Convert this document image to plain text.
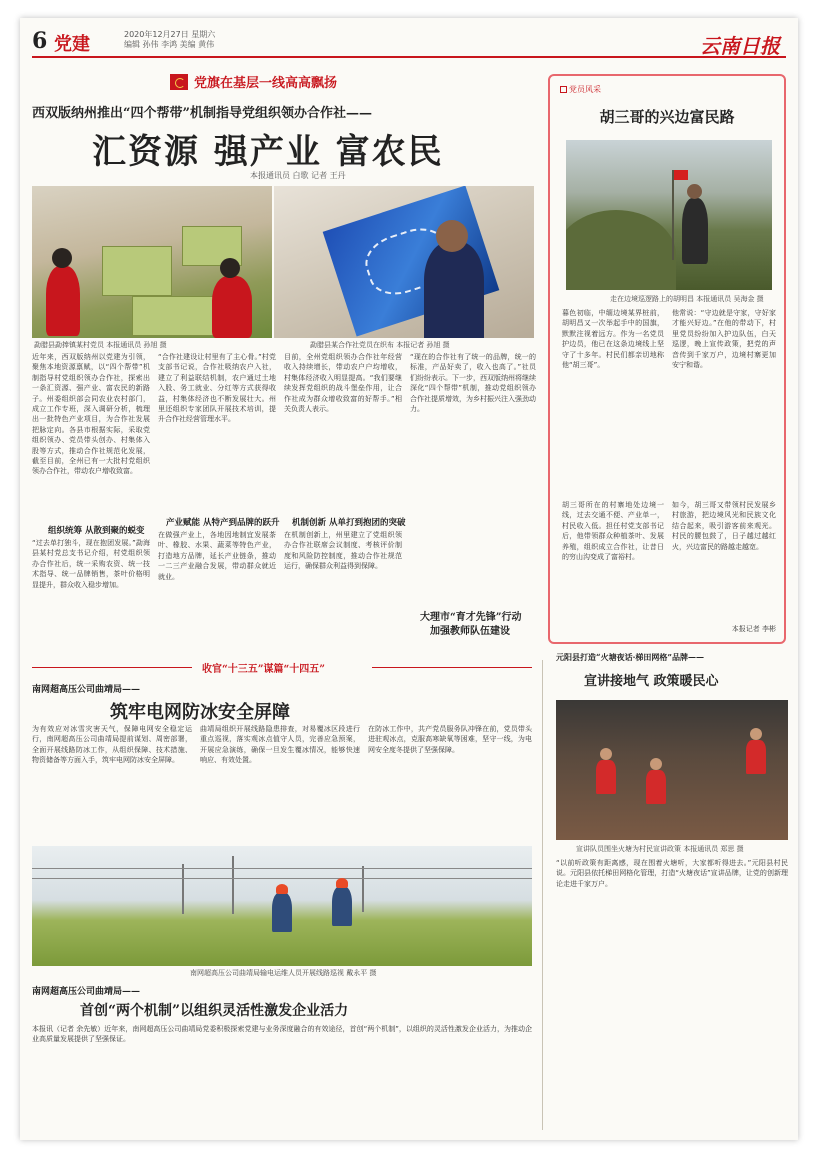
6 党建	2020年12月27日 星期六
编辑 孙伟 李鸿 美编 黄伟	云南日报
党旗在基层一线高高飘扬
西双版纳州推出“四个帮带”机制指导党组织领办合作社——
汇资源 强产业 富农民
本报通讯员 白歌 记者 王丹
勐腊县勐捧镇某村党员 本报通讯员 孙旭 摄	勐腊县某合作社党员在织布 本报记者 孙旭 摄
近年来，西双版纳州以党建为引领，聚焦本地资源禀赋，以“四个帮带”机制指导村党组织领办合作社，探索出一条汇资源、强产业、富农民的新路子。州委组织部会同农业农村部门，成立工作专班，深入调研分析，梳理出一批特色产业项目，为合作社发展把脉定向。各县市根据实际，采取党组织领办、党员带头创办、村集体入股等方式，推动合作社规范化发展，截至目前，全州已有一大批村党组织领办合作社，带动农户增收致富。
组织统筹 从散到聚的蜕变
“过去单打独斗，现在抱团发展。”勐海县某村党总支书记介绍，村党组织领办合作社后，统一采购农资、统一技术指导、统一品牌销售，茶叶价格明显提升，群众收入稳步增加。
“合作社建设让村里有了主心骨。”村党支部书记说，合作社吸纳农户入社，建立了利益联结机制，农户通过土地入股、务工就业、分红等方式获得收益，村集体经济也不断发展壮大。州里还组织专家团队开展技术培训，提升合作社经营管理水平。
产业赋能 从特产到品牌的跃升
在做强产业上，各地因地制宜发展茶叶、橡胶、水果、蔬菜等特色产业，打造地方品牌，延长产业链条，推动一二三产业融合发展，带动群众就近就业。
目前，全州党组织领办合作社年经营收入持续增长，带动农户户均增收，村集体经济收入明显提高。“我们要继续发挥党组织的战斗堡垒作用，让合作社成为群众增收致富的好帮手。”相关负责人表示。
机制创新 从单打到抱团的突破
在机制创新上，州里建立了党组织领办合作社联席会议制度、考核评价制度和风险防控制度，推动合作社规范运行，确保群众利益得到保障。
“现在的合作社有了统一的品牌，统一的标准，产品好卖了，收入也高了。”社员们纷纷表示。下一步，西双版纳州将继续深化“四个帮带”机制，推动党组织领办合作社提质增效，为乡村振兴注入强劲动力。
党员风采
胡三哥的兴边富民路
走在边境巡逻路上的胡明昌 本报通讯员 吴海金 摄
暮色初临，中缅边境某界桩前，胡明昌又一次举起手中的国旗，默默注视着远方。作为一名党员护边员，他已在这条边境线上坚守了十多年。村民们都亲切地称他“胡三哥”。
胡三哥所在的村寨地处边境一线，过去交通不便、产业单一，村民收入低。担任村党支部书记后，他带领群众种植茶叶、发展养殖，组织成立合作社，让昔日的穷山沟变成了富裕村。
他常说：“守边就是守家，守好家才能兴好边。”在他的带动下，村里党员纷纷加入护边队伍，白天巡逻，晚上宣传政策，把党的声音传到千家万户，边境村寨更加安宁和谐。
如今，胡三哥又带领村民发展乡村旅游，把边境风光和民族文化结合起来，吸引游客前来观光。村民的腰包鼓了，日子越过越红火，兴边富民的路越走越宽。
本报记者 李彬
收官“十三五”谋篇“十四五”
南网超高压公司曲靖局——
筑牢电网防冰安全屏障
为有效应对冰雪灾害天气，保障电网安全稳定运行，南网超高压公司曲靖局提前谋划、周密部署，全面开展线路防冰工作，从组织保障、技术措施、物资储备等方面入手，筑牢电网防冰安全屏障。
曲靖局组织开展线路隐患排查，对易覆冰区段进行重点巡视，落实观冰点值守人员，完善应急预案，开展应急演练，确保一旦发生覆冰情况，能够快速响应、有效处置。
在防冰工作中，共产党员服务队冲锋在前，党员带头进驻观冰点，克服高寒缺氧等困难，坚守一线，为电网安全度冬提供了坚强保障。
南网超高压公司曲靖局输电运维人员开展线路巡视 戴永平 摄
南网超高压公司曲靖局——
首创“两个机制”以组织灵活性激发企业活力
本报讯（记者 余先敏）近年来，南网超高压公司曲靖局党委积极探索党建与业务深度融合的有效途径，首创“两个机制”，以组织的灵活性激发企业活力，为推动企业高质量发展提供了坚强保证。
大理市“育才先锋”行动
加强教师队伍建设
元阳县打造“火塘夜话·梯田网格”品牌——
宣讲接地气 政策暖民心
宣讲队员围坐火塘为村民宣讲政策 本报通讯员 郑思 摄
“以前听政策有距离感，现在围着火塘听，大家都听得进去。”元阳县村民说。元阳县依托梯田网格化管理，打造“火塘夜话”宣讲品牌，让党的创新理论走进千家万户。
